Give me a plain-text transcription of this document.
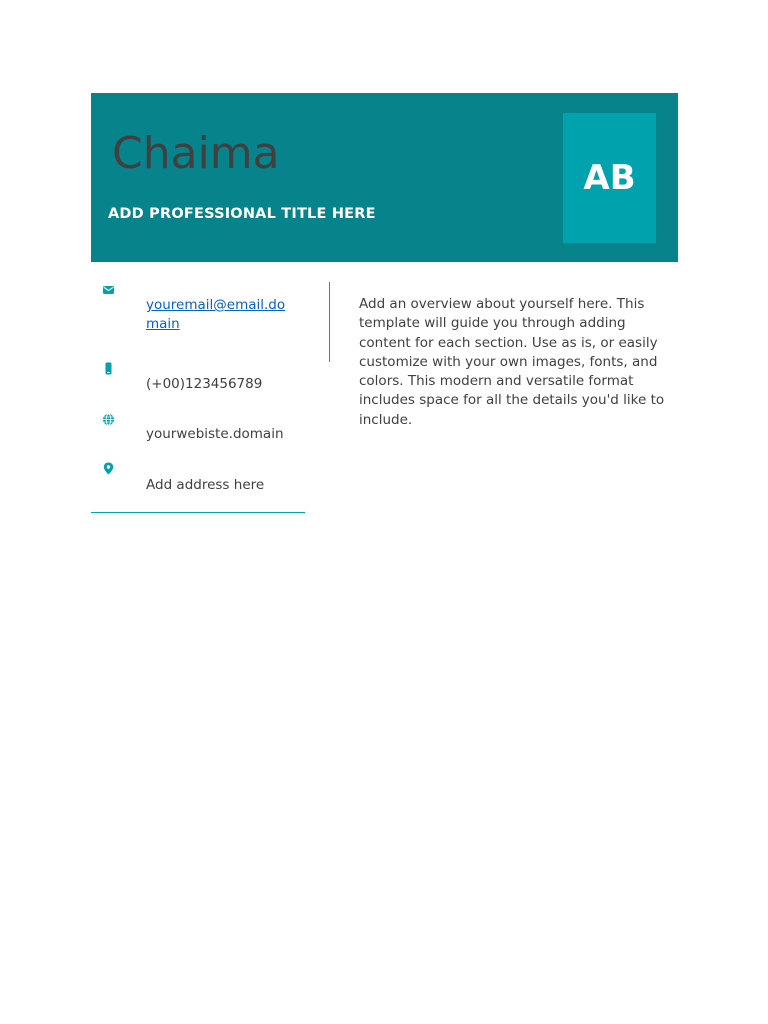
Chaima
ADD PROFESSIONAL TITLE HERE
AB
youremail@email.domain
(+00)123456789
yourwebiste.domain
Add address here
Add an overview about yourself here. This template will guide you through adding content for each section. Use as is, or easily customize with your own images, fonts, and colors. This modern and versatile format includes space for all the details you'd like to include.
